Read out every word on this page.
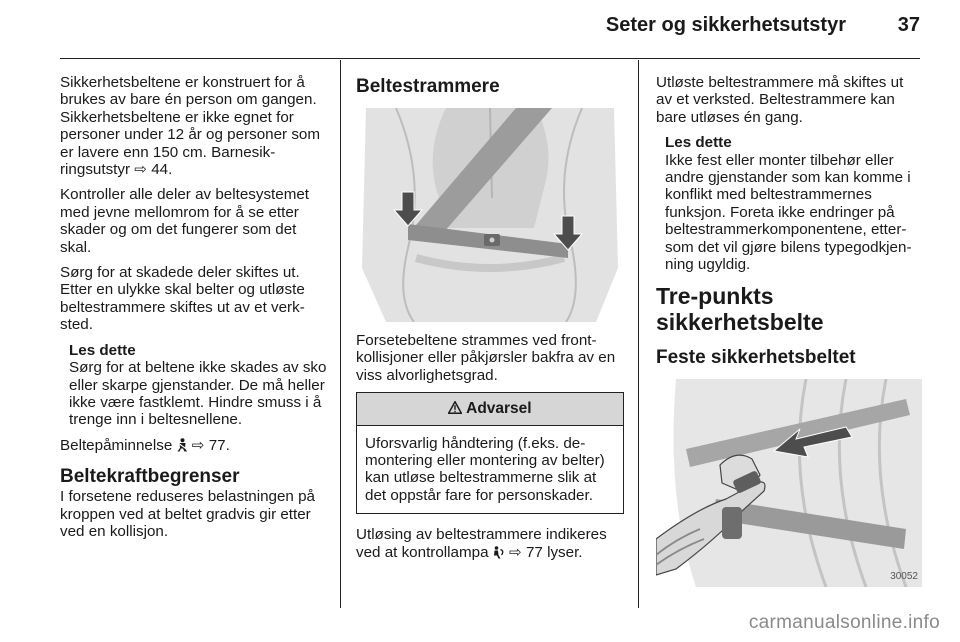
Seter og sikkerhetsutstyr	37

Sikkerhetsbeltene er konstruert for å brukes av bare én person om gangen. Sikkerhetsbeltene er ikke egnet for personer under 12 år og personer som er lavere enn 150 cm. Barnesikringsutstyr ⇨ 44.

Kontroller alle deler av beltesystemet med jevne mellomrom for å se etter skader og om det fungerer som det skal.

Sørg for at skadede deler skiftes ut. Etter en ulykke skal belter og utløste beltestrammere skiftes ut av et verksted.

Les dette
Sørg for at beltene ikke skades av sko eller skarpe gjenstander. De må heller ikke være fastklemt. Hindre smuss i å trenge inn i beltesnellene.

Beltepåminnelse ⇨ 77.

Beltekraftbegrenser

I forsetene reduseres belastningen på kroppen ved at beltet gradvis gir etter ved en kollisjon.

Beltestrammere

Forsetebeltene strammes ved frontkollisjoner eller påkjørsler bakfra av en viss alvorlighetsgrad.

Advarsel
Uforsvarlig håndtering (f.eks. demontering eller montering av belter) kan utløse beltestrammerne slik at det oppstår fare for personskader.

Utløsing av beltestrammere indikeres ved at kontrollampa ⇨ 77 lyser.

Utløste beltestrammere må skiftes ut av et verksted. Beltestrammere kan bare utløses én gang.

Les dette
Ikke fest eller monter tilbehør eller andre gjenstander som kan komme i konflikt med beltestrammernes funksjon. Foreta ikke endringer på beltestrammerkomponentene, ettersom det vil gjøre bilens typegodkjenning ugyldig.
Tre-punkts sikkerhetsbelte
Feste sikkerhetsbeltet
30052
carmanualsonline.info
